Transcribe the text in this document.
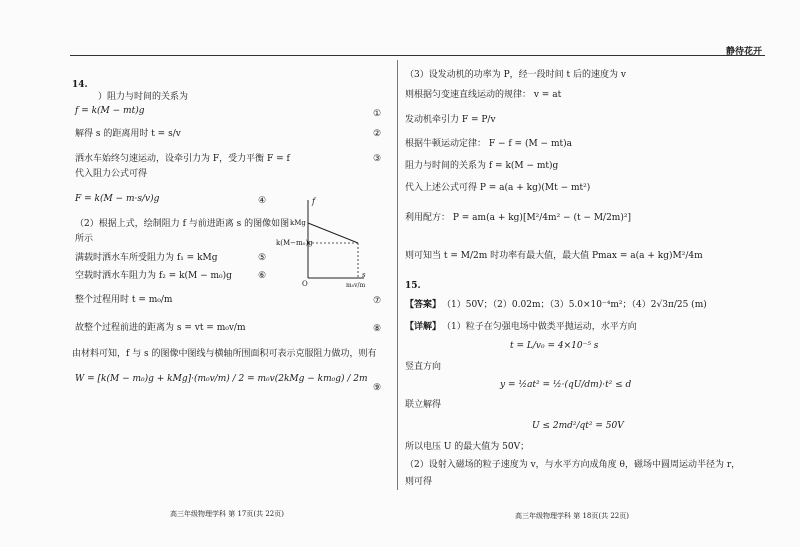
静待花开
14.
）阻力与时间的关系为
f = k(M − mt)g
解得 s 的距离用时 t = s/v	②
①
洒水车始终匀速运动，设牵引力为 F，受力平衡 F = f	③
代入阻力公式可得
F = k(M − m·s/v)g	④
（2）根据上式，绘制阻力 f 与前进距离 s 的图像如图
所示
满载时洒水车所受阻力为 f₁ = kMg	⑤
空载时洒水车阻力为 f₂ = k(M − m₀)g	⑥
整个过程用时 t = m₀/m	⑦
故整个过程前进的距离为 s = vt = m₀v/m	⑧
由材料可知，f 与 s 的图像中图线与横轴所围面积可表示克服阻力做功，则有
W = [k(M − m₀)g + kMg]·(m₀v/m) / 2 = m₀v(2kMg − km₀g) / 2m
⑨
f
kMg
k(M−m₀)g
O
s
m₀v/m
（3）设发动机的功率为 P，经一段时间 t 后的速度为 v
则根据匀变速直线运动的规律： v = at
发动机牵引力 F = P/v
根据牛顿运动定律： F − f = (M − mt)a
阻力与时间的关系为 f = k(M − mt)g
代入上述公式可得 P = a(a + kg)(Mt − mt²)
利用配方： P = am(a + kg)[M²/4m² − (t − M/2m)²]
则可知当 t = M/2m 时功率有最大值，最大值 Pmax = a(a + kg)M²/4m
15.
【答案】 （1）50V；（2）0.02m；（3）5.0×10⁻⁴m²；（4）2√3π/25 (m)
【详解】 （1）粒子在匀强电场中做类平抛运动，水平方向
t = L/v₀ = 4×10⁻⁵ s
竖直方向
y = ½at² = ½·(qU/dm)·t² ≤ d
联立解得
U ≤ 2md²/qt² = 50V
所以电压 U 的最大值为 50V；
（2）设射入磁场的粒子速度为 v，与水平方向成角度 θ，磁场中圆周运动半径为 r，
则可得
高三年级物理学科 第 17页(共 22页)	高三年级物理学科 第 18页(共 22页)
